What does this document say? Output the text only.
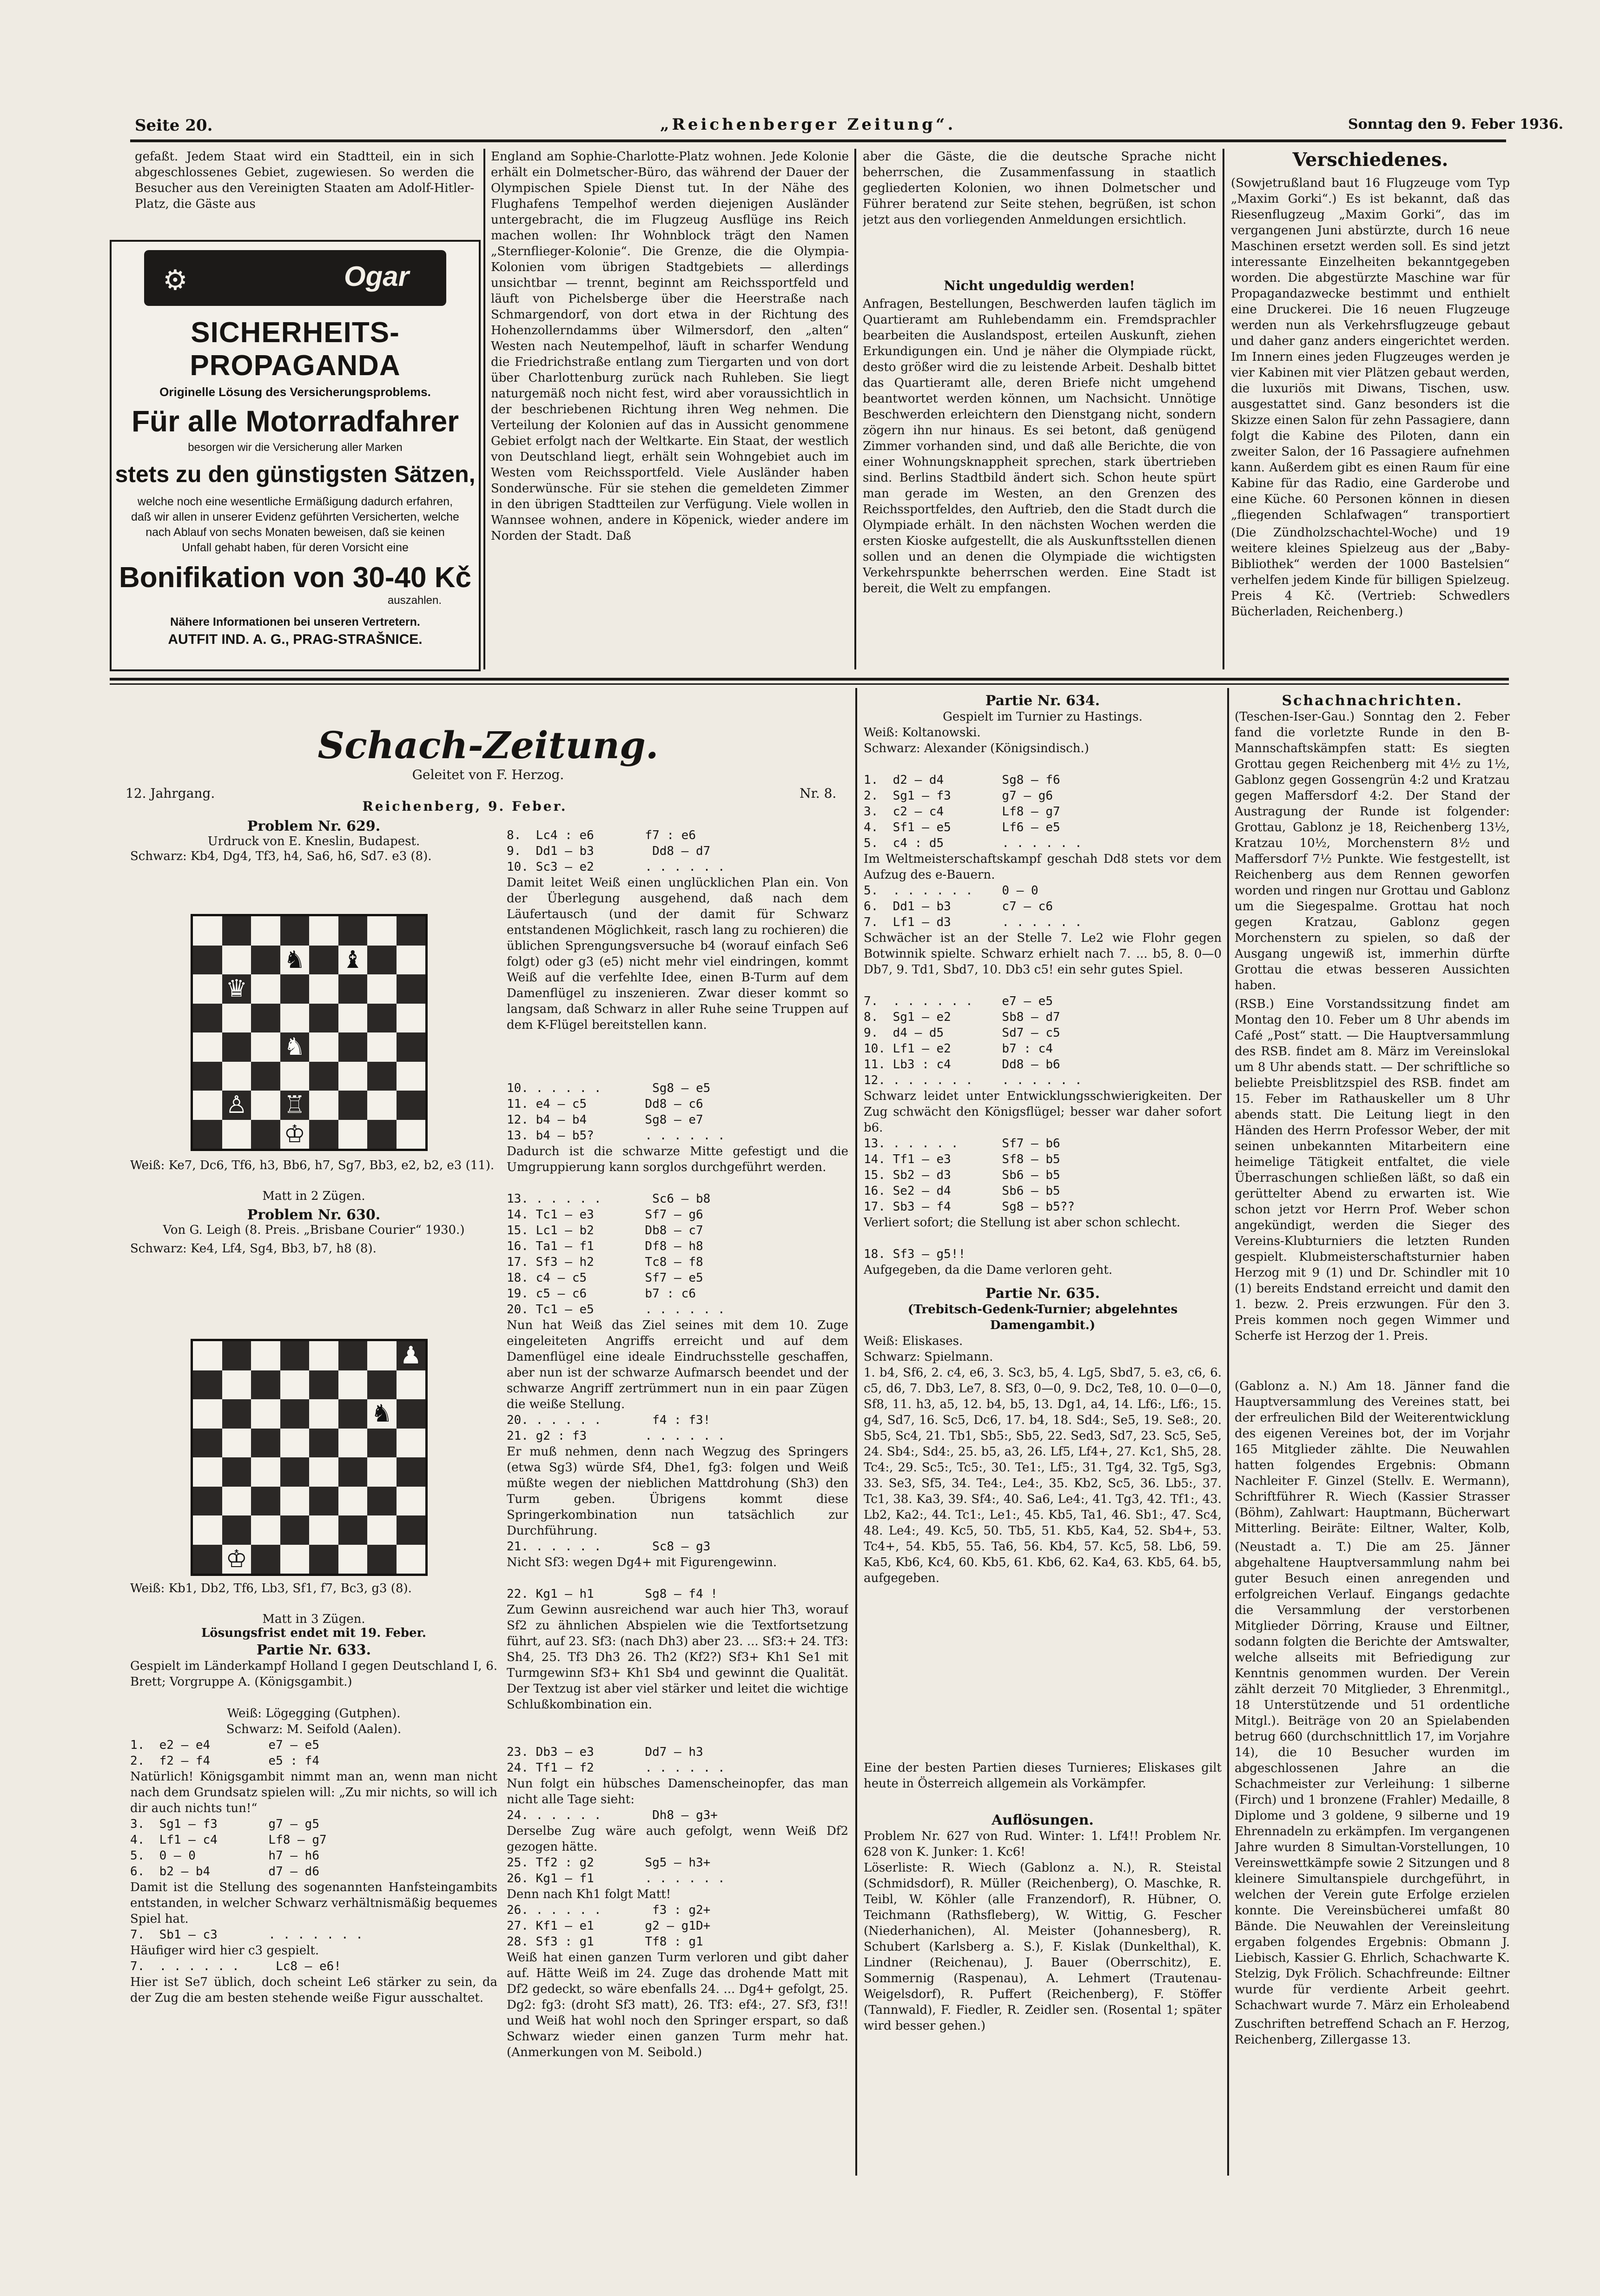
Seite 20.	„Reichenberger Zeitung“.	Sonntag den 9. Feber 1936.
gefaßt. Jedem Staat wird ein Stadtteil, ein in sich abgeschlossenes Gebiet, zugewiesen. So werden die Besucher aus den Vereinigten Staaten am Adolf-Hitler-Platz, die Gäste aus
Ogar
⚙
SICHERHEITS-PROPAGANDA
Originelle Lösung des Versicherungsproblems.
Für alle Motorradfahrer
besorgen wir die Versicherung aller Marken
stets zu den günstigsten Sätzen,
welche noch eine wesentliche Ermäßigung dadurch erfahren, daß wir allen in unserer Evidenz geführten Versicherten, welche nach Ablauf von sechs Monaten beweisen, daß sie keinen Unfall gehabt haben, für deren Vorsicht eine
Bonifikation von 30-40 Kč
auszahlen.
Nähere Informationen bei unseren Vertretern.
AUTFIT IND. A. G., PRAG-STRAŠNICE.
England am Sophie-Charlotte-Platz wohnen. Jede Kolonie erhält ein Dolmetscher-Büro, das während der Dauer der Olympischen Spiele Dienst tut. In der Nähe des Flughafens Tempelhof werden diejenigen Ausländer untergebracht, die im Flugzeug Ausflüge ins Reich machen wollen: Ihr Wohnblock trägt den Namen „Sternflieger-Kolonie“. Die Grenze, die die Olympia-Kolonien vom übrigen Stadtgebiets — allerdings unsichtbar — trennt, beginnt am Reichssportfeld und läuft von Pichelsberge über die Heerstraße nach Schmargendorf, von dort etwa in der Richtung des Hohenzollerndamms über Wilmersdorf, den „alten“ Westen nach Neutempelhof, läuft in scharfer Wendung die Friedrichstraße entlang zum Tiergarten und von dort über Charlottenburg zurück nach Ruhleben. Sie liegt naturgemäß noch nicht fest, wird aber voraussichtlich in der beschriebenen Richtung ihren Weg nehmen. Die Verteilung der Kolonien auf das in Aussicht genommene Gebiet erfolgt nach der Weltkarte. Ein Staat, der westlich von Deutschland liegt, erhält sein Wohngebiet auch im Westen vom Reichssportfeld. Viele Ausländer haben Sonderwünsche. Für sie stehen die gemeldeten Zimmer in den übrigen Stadtteilen zur Verfügung. Viele wollen in Wannsee wohnen, andere in Köpenick, wieder andere im Norden der Stadt. Daß
aber die Gäste, die die deutsche Sprache nicht beherrschen, die Zusammenfassung in staatlich gegliederten Kolonien, wo ihnen Dolmetscher und Führer beratend zur Seite stehen, begrüßen, ist schon jetzt aus den vorliegenden Anmeldungen ersichtlich.
Nicht ungeduldig werden!
Anfragen, Bestellungen, Beschwerden laufen täglich im Quartieramt am Ruhlebendamm ein. Fremdsprachler bearbeiten die Auslandspost, erteilen Auskunft, ziehen Erkundigungen ein. Und je näher die Olympiade rückt, desto größer wird die zu leistende Arbeit. Deshalb bittet das Quartieramt alle, deren Briefe nicht umgehend beantwortet werden können, um Nachsicht. Unnötige Beschwerden erleichtern den Dienstgang nicht, sondern zögern ihn nur hinaus. Es sei betont, daß genügend Zimmer vorhanden sind, und daß alle Berichte, die von einer Wohnungsknappheit sprechen, stark übertrieben sind. Berlins Stadtbild ändert sich. Schon heute spürt man gerade im Westen, an den Grenzen des Reichssportfeldes, den Auftrieb, den die Stadt durch die Olympiade erhält. In den nächsten Wochen werden die ersten Kioske aufgestellt, die als Auskunftsstellen dienen sollen und an denen die Olympiade die wichtigsten Verkehrspunkte beherrschen werden. Eine Stadt ist bereit, die Welt zu empfangen.
Verschiedenes.
(Sowjetrußland baut 16 Flugzeuge vom Typ „Maxim Gorki“.) Es ist bekannt, daß das Riesenflugzeug „Maxim Gorki“, das im vergangenen Juni abstürzte, durch 16 neue Maschinen ersetzt werden soll. Es sind jetzt interessante Einzelheiten bekanntgegeben worden. Die abgestürzte Maschine war für Propagandazwecke bestimmt und enthielt eine Druckerei. Die 16 neuen Flugzeuge werden nun als Verkehrsflugzeuge gebaut und daher ganz anders eingerichtet werden. Im Innern eines jeden Flugzeuges werden je vier Kabinen mit vier Plätzen gebaut werden, die luxuriös mit Diwans, Tischen, usw. ausgestattet sind. Ganz besonders ist die Skizze einen Salon für zehn Passagiere, dann folgt die Kabine des Piloten, dann ein zweiter Salon, der 16 Passagiere aufnehmen kann. Außerdem gibt es einen Raum für eine Kabine für das Radio, eine Garderobe und eine Küche. 60 Personen können in diesen „fliegenden Schlafwagen“ transportiert
(Die Zündholzschachtel-Woche) und 19 weitere kleines Spielzeug aus der „Baby-Bibliothek“ werden der 1000 Bastelsien“ verhelfen jedem Kinde für billigen Spielzeug. Preis 4 Kč. (Vertrieb: Schwedlers Bücherladen, Reichenberg.)
Schach-Zeitung.
Geleitet von F. Herzog.
12. Jahrgang.
Reichenberg, 9. Feber.
Nr. 8.
Problem Nr. 629.
Urdruck von E. Kneslin, Budapest.
Schwarz: Kb4, Dg4, Tf3, h4, Sa6, h6, Sd7. e3 (8).
♞ ♝
♛
♞
♙ ♖
♔
Weiß: Ke7, Dc6, Tf6, h3, Bb6, h7, Sg7, Bb3, e2, b2, e3 (11).
Matt in 2 Zügen.
Problem Nr. 630.
Von G. Leigh (8. Preis. „Brisbane Courier“ 1930.)
Schwarz: Ke4, Lf4, Sg4, Bb3, b7, h8 (8).
♟
♞
♔
Weiß: Kb1, Db2, Tf6, Lb3, Sf1, f7, Bc3, g3 (8).
Matt in 3 Zügen.
Lösungsfrist endet mit 19. Feber.
Partie Nr. 633.
Gespielt im Länderkampf Holland I gegen Deutschland I, 6. Brett; Vorgruppe A. (Königsgambit.)
Weiß: Lögegging (Gutphen).
Schwarz: M. Seifold (Aalen).
1.  e2 — e4        e7 — e5
2.  f2 — f4        e5 : f4
Natürlich! Königsgambit nimmt man an, wenn man nicht nach dem Grundsatz spielen will: „Zu mir nichts, so will ich dir auch nichts tun!“
3.  Sg1 — f3       g7 — g5
4.  Lf1 — c4       Lf8 — g7
5.  0 — 0          h7 — h6
6.  b2 — b4        d7 — d6
Damit ist die Stellung des sogenannten Hanfsteingambits entstanden, in welcher Schwarz verhältnismäßig bequemes Spiel hat.
7.  Sb1 — c3       . . . . . . .
Häufiger wird hier c3 gespielt.
7.  . . . . . .     Lc8 — e6!
Hier ist Se7 üblich, doch scheint Le6 stärker zu sein, da der Zug die am besten stehende weiße Figur ausschaltet.
8.  Lc4 : e6       f7 : e6
9.  Dd1 — b3        Dd8 — d7
10. Sc3 — e2       . . . . . .
Damit leitet Weiß einen unglücklichen Plan ein. Von der Überlegung ausgehend, daß nach dem Läufertausch (und der damit für Schwarz entstandenen Möglichkeit, rasch lang zu rochieren) die üblichen Sprengungsversuche b4 (worauf einfach Se6 folgt) oder g3 (e5) nicht mehr viel eindringen, kommt Weiß auf die verfehlte Idee, einen B-Turm auf dem Damenflügel zu inszenieren. Zwar dieser kommt so langsam, daß Schwarz in aller Ruhe seine Truppen auf dem K-Flügel bereitstellen kann.
10. . . . . .       Sg8 — e5
11. e4 — c5        Dd8 — c6
12. b4 — b4        Sg8 — e7
13. b4 — b5?       . . . . . .
Dadurch ist die schwarze Mitte gefestigt und die Umgruppierung kann sorglos durchgeführt werden.
13. . . . . .       Sc6 — b8
14. Tc1 — e3       Sf7 — g6
15. Lc1 — b2       Db8 — c7
16. Ta1 — f1       Df8 — h8
17. Sf3 — h2       Tc8 — f8
18. c4 — c5        Sf7 — e5
19. c5 — c6        b7 : c6
20. Tc1 — e5       . . . . . .
Nun hat Weiß das Ziel seines mit dem 10. Zuge eingeleiteten Angriffs erreicht und auf dem Damenflügel eine ideale Eindruchsstelle geschaffen, aber nun ist der schwarze Aufmarsch beendet und der schwarze Angriff zertrümmert nun in ein paar Zügen die weiße Stellung.
20. . . . . .       f4 : f3!
21. g2 : f3        . . . . . .
Er muß nehmen, denn nach Wegzug des Springers (etwa Sg3) würde Sf4, Dhe1, fg3: folgen und Weiß müßte wegen der nieblichen Mattdrohung (Sh3) den Turm geben. Übrigens kommt diese Springerkombination nun tatsächlich zur Durchführung.
21. . . . . .       Sc8 — g3
Nicht Sf3: wegen Dg4+ mit Figurengewinn.
22. Kg1 — h1       Sg8 — f4 !
Zum Gewinn ausreichend war auch hier Th3, worauf Sf2 zu ähnlichen Abspielen wie die Textfortsetzung führt, auf 23. Sf3: (nach Dh3) aber 23. ... Sf3:+ 24. Tf3: Sh4, 25. Tf3 Dh3 26. Th2 (Kf2?) Sf3+ Kh1 Se1 mit Turmgewinn Sf3+ Kh1 Sb4 und gewinnt die Qualität. Der Textzug ist aber viel stärker und leitet die wichtige Schlußkombination ein.
23. Db3 — e3       Dd7 — h3
24. Tf1 — f2       . . . . . .
Nun folgt ein hübsches Damenscheinopfer, das man nicht alle Tage sieht:
24. . . . . .       Dh8 — g3+
Derselbe Zug wäre auch gefolgt, wenn Weiß Df2 gezogen hätte.
25. Tf2 : g2       Sg5 — h3+
26. Kg1 — f1       . . . . . .
Denn nach Kh1 folgt Matt!
26. . . . . .       f3 : g2+
27. Kf1 — e1       g2 — g1D+
28. Sf3 : g1       Tf8 : g1
Weiß hat einen ganzen Turm verloren und gibt daher auf. Hätte Weiß im 24. Zuge das drohende Matt mit Df2 gedeckt, so wäre ebenfalls 24. ... Dg4+ gefolgt, 25. Dg2: fg3: (droht Sf3 matt), 26. Tf3: ef4:, 27. Sf3, f3!! und Weiß hat wohl noch den Springer erspart, so daß Schwarz wieder einen ganzen Turm mehr hat. (Anmerkungen von M. Seibold.)
Partie Nr. 634.
Gespielt im Turnier zu Hastings.
Weiß: Koltanowski.
Schwarz: Alexander (Königsindisch.)
1.  d2 — d4        Sg8 — f6
2.  Sg1 — f3       g7 — g6
3.  c2 — c4        Lf8 — g7
4.  Sf1 — e5       Lf6 — e5
5.  c4 : d5        . . . . . .
Im Weltmeisterschaftskampf geschah Dd8 stets vor dem Aufzug des e-Bauern.
5.  . . . . . .    0 — 0
6.  Dd1 — b3       c7 — c6
7.  Lf1 — d3       . . . . . .
Schwächer ist an der Stelle 7. Le2 wie Flohr gegen Botwinnik spielte. Schwarz erhielt nach 7. ... b5, 8. 0—0 Db7, 9. Td1, Sbd7, 10. Db3 c5! ein sehr gutes Spiel.
7.  . . . . . .    e7 — e5
8.  Sg1 — e2       Sb8 — d7
9.  d4 — d5        Sd7 — c5
10. Lf1 — e2       b7 : c4
11. Lb3 : c4       Dd8 — b6
12. . . . . . .    . . . . . .
Schwarz leidet unter Entwicklungsschwierigkeiten. Der Zug schwächt den Königsflügel; besser war daher sofort b6.
13. . . . . .      Sf7 — b6
14. Tf1 — e3       Sf8 — b5
15. Sb2 — d3       Sb6 — b5
16. Se2 — d4       Sb6 — b5
17. Sb3 — f4       Sg8 — b5??
Verliert sofort; die Stellung ist aber schon schlecht.
18. Sf3 — g5!!
Aufgegeben, da die Dame verloren geht.
Partie Nr. 635.
(Trebitsch-Gedenk-Turnier; abgelehntes Damengambit.)
Weiß: Eliskases.
Schwarz: Spielmann.
1. b4, Sf6, 2. c4, e6, 3. Sc3, b5, 4. Lg5, Sbd7, 5. e3, c6, 6. c5, d6, 7. Db3, Le7, 8. Sf3, 0—0, 9. Dc2, Te8, 10. 0—0—0, Sf8, 11. h3, a5, 12. b4, b5, 13. Dg1, a4, 14. Lf6:, Lf6:, 15. g4, Sd7, 16. Sc5, Dc6, 17. b4, 18. Sd4:, Se5, 19. Se8:, 20. Sb5, Sc4, 21. Tb1, Sb5:, Sb5, 22. Sed3, Sd7, 23. Sc5, Se5, 24. Sb4:, Sd4:, 25. b5, a3, 26. Lf5, Lf4+, 27. Kc1, Sh5, 28. Tc4:, 29. Sc5:, Tc5:, 30. Te1:, Lf5:, 31. Tg4, 32. Tg5, Sg3, 33. Se3, Sf5, 34. Te4:, Le4:, 35. Kb2, Sc5, 36. Lb5:, 37. Tc1, 38. Ka3, 39. Sf4:, 40. Sa6, Le4:, 41. Tg3, 42. Tf1:, 43. Lb2, Ka2:, 44. Tc1:, Le1:, 45. Kb5, Ta1, 46. Sb1:, 47. Sc4, 48. Le4:, 49. Kc5, 50. Tb5, 51. Kb5, Ka4, 52. Sb4+, 53. Tc4+, 54. Kb5, 55. Ta6, 56. Kb4, 57. Kc5, 58. Lb6, 59. Ka5, Kb6, Kc4, 60. Kb5, 61. Kb6, 62. Ka4, 63. Kb5, 64. b5, aufgegeben.
Eine der besten Partien dieses Turnieres; Eliskases gilt heute in Österreich allgemein als Vorkämpfer.
Auflösungen.
Problem Nr. 627 von Rud. Winter: 1. Lf4!! Problem Nr. 628 von K. Junker: 1. Kc6!
Löserliste: R. Wiech (Gablonz a. N.), R. Steistal (Schmidsdorf), R. Müller (Reichenberg), O. Maschke, R. Teibl, W. Köhler (alle Franzendorf), R. Hübner, O. Teichmann (Rathsfleberg), W. Wittig, G. Fescher (Niederhanichen), Al. Meister (Johannesberg), R. Schubert (Karlsberg a. S.), F. Kislak (Dunkelthal), K. Lindner (Reichenau), J. Bauer (Oberrschitz), E. Sommernig (Raspenau), A. Lehmert (Trautenau-Weigelsdorf), R. Puffert (Reichenberg), F. Stöffer (Tannwald), F. Fiedler, R. Zeidler sen. (Rosental 1; später wird besser gehen.)
Schachnachrichten.
(Teschen-Iser-Gau.) Sonntag den 2. Feber fand die vorletzte Runde in den B-Mannschaftskämpfen statt: Es siegten Grottau gegen Reichenberg mit 4½ zu 1½, Gablonz gegen Gossengrün 4:2 und Kratzau gegen Maffersdorf 4:2. Der Stand der Austragung der Runde ist folgender: Grottau, Gablonz je 18, Reichenberg 13½, Kratzau 10½, Morchenstern 8½ und Maffersdorf 7½ Punkte. Wie festgestellt, ist Reichenberg aus dem Rennen geworfen worden und ringen nur Grottau und Gablonz um die Siegespalme. Grottau hat noch gegen Kratzau, Gablonz gegen Morchenstern zu spielen, so daß der Ausgang ungewiß ist, immerhin dürfte Grottau die etwas besseren Aussichten haben.
(RSB.) Eine Vorstandssitzung findet am Montag den 10. Feber um 8 Uhr abends im Café „Post“ statt. — Die Hauptversammlung des RSB. findet am 8. März im Vereinslokal um 8 Uhr abends statt. — Der schriftliche so beliebte Preisblitzspiel des RSB. findet am 15. Feber im Rathauskeller um 8 Uhr abends statt. Die Leitung liegt in den Händen des Herrn Professor Weber, der mit seinen unbekannten Mitarbeitern eine heimelige Tätigkeit entfaltet, die viele Überraschungen schließen läßt, so daß ein gerüttelter Abend zu erwarten ist. Wie schon jetzt vor Herrn Prof. Weber schon angekündigt, werden die Sieger des Vereins-Klubturniers die letzten Runden gespielt. Klubmeisterschaftsturnier haben Herzog mit 9 (1) und Dr. Schindler mit 10 (1) bereits Endstand erreicht und damit den 1. bezw. 2. Preis erzwungen. Für den 3. Preis kommen noch gegen Wimmer und Scherfe ist Herzog der 1. Preis.
(Gablonz a. N.) Am 18. Jänner fand die Hauptversammlung des Vereines statt, bei der erfreulichen Bild der Weiterentwicklung des eigenen Vereines bot, der im Vorjahr 165 Mitglieder zählte. Die Neuwahlen hatten folgendes Ergebnis: Obmann Nachleiter F. Ginzel (Stellv. E. Wermann), Schriftführer R. Wiech (Kassier Strasser (Böhm), Zahlwart: Hauptmann, Bücherwart Mitterling. Beiräte: Eiltner, Walter, Kolb,
(Neustadt a. T.) Die am 25. Jänner abgehaltene Hauptversammlung nahm bei guter Besuch einen anregenden und erfolgreichen Verlauf. Eingangs gedachte die Versammlung der verstorbenen Mitglieder Dörring, Krause und Eiltner, sodann folgten die Berichte der Amtswalter, welche allseits mit Befriedigung zur Kenntnis genommen wurden. Der Verein zählt derzeit 70 Mitglieder, 3 Ehrenmitgl., 18 Unterstützende und 51 ordentliche Mitgl.). Beiträge von 20 an Spielabenden betrug 660 (durchschnittlich 17, im Vorjahre 14), die 10 Besucher wurden im abgeschlossenen Jahre an die Schachmeister zur Verleihung: 1 silberne (Firch) und 1 bronzene (Frahler) Medaille, 8 Diplome und 3 goldene, 9 silberne und 19 Ehrennadeln zu erkämpfen. Im vergangenen Jahre wurden 8 Simultan-Vorstellungen, 10 Vereinswettkämpfe sowie 2 Sitzungen und 8 kleinere Simultanspiele durchgeführt, in welchen der Verein gute Erfolge erzielen konnte. Die Vereinsbücherei umfaßt 80 Bände. Die Neuwahlen der Vereinsleitung ergaben folgendes Ergebnis: Obmann J. Liebisch, Kassier G. Ehrlich, Schachwarte K. Stelzig, Dyk Frölich. Schachfreunde: Eiltner wurde für verdiente Arbeit geehrt. Schachwart wurde 7. März ein Erholeabend
Zuschriften betreffend Schach an F. Herzog, Reichenberg, Zillergasse 13.
